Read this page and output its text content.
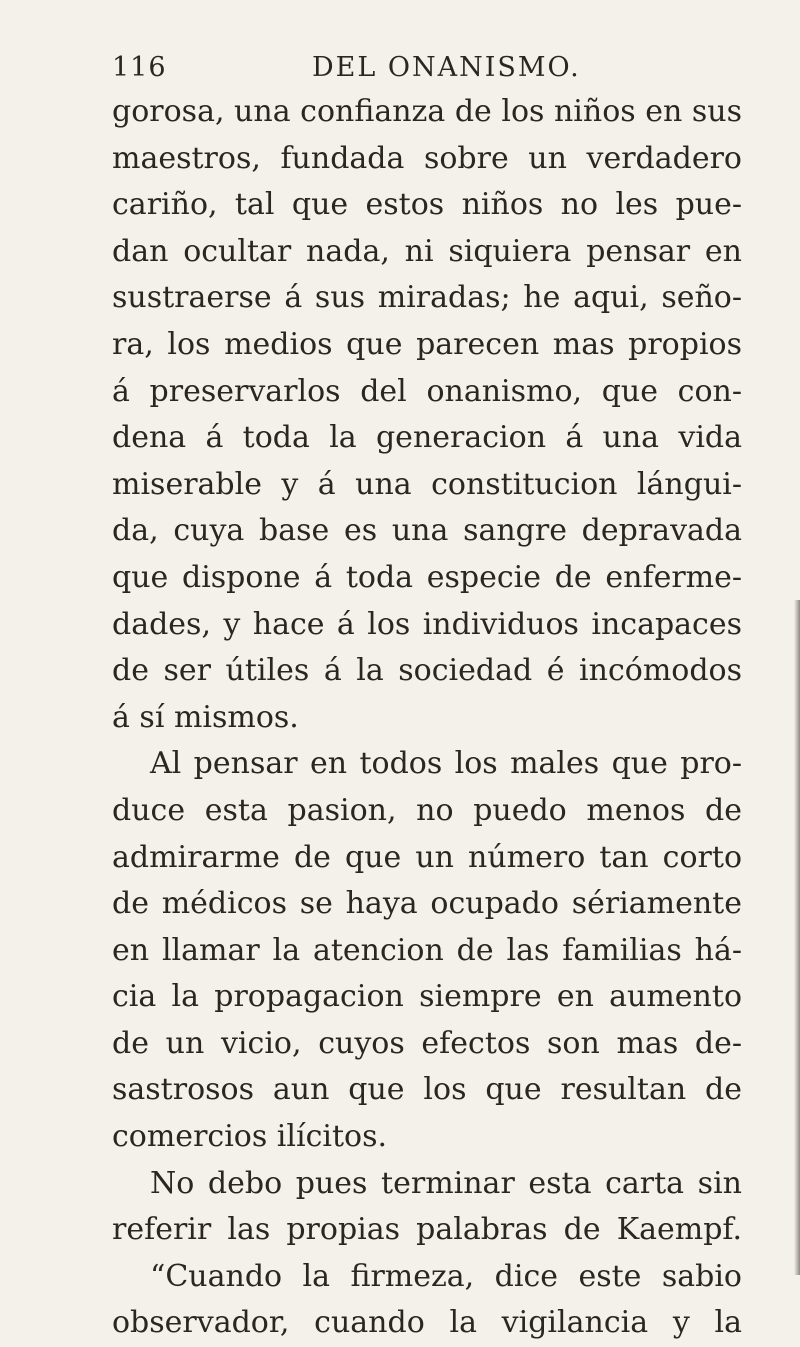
116	DEL ONANISMO.
gorosa, una confianza de los niños en sus
maestros, fundada sobre un verdadero
cariño, tal que estos niños no les pue-
dan ocultar nada, ni siquiera pensar en
sustraerse á sus miradas; he aqui, seño-
ra, los medios que parecen mas propios
á preservarlos del onanismo, que con-
dena á toda la generacion á una vida
miserable y á una constitucion lángui-
da, cuya base es una sangre depravada
que dispone á toda especie de enferme-
dades, y hace á los individuos incapaces
de ser útiles á la sociedad é incómodos
á sí mismos.
Al pensar en todos los males que pro-
duce esta pasion, no puedo menos de
admirarme de que un número tan corto
de médicos se haya ocupado sériamente
en llamar la atencion de las familias há-
cia la propagacion siempre en aumento
de un vicio, cuyos efectos son mas de-
sastrosos aun que los que resultan de
comercios ilícitos.
No debo pues terminar esta carta sin
referir las propias palabras de Kaempf.
“Cuando la firmeza, dice este sabio
observador, cuando la vigilancia y la
